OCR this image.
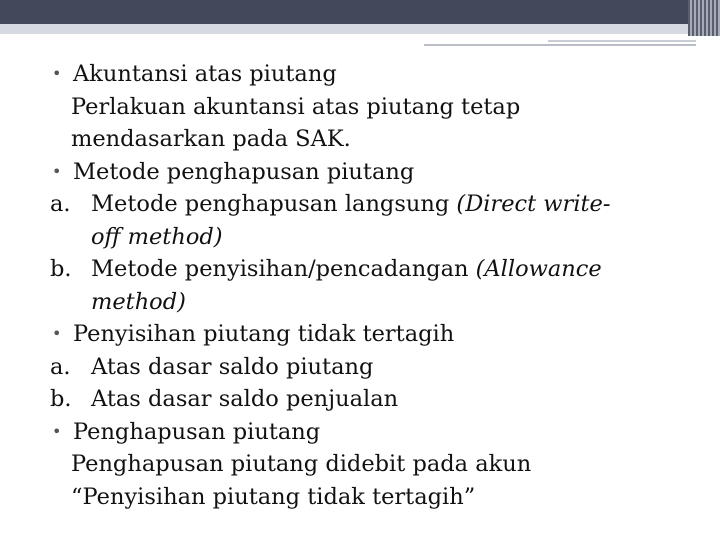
• Akuntansi atas piutang
Perlakuan akuntansi atas piutang tetap
mendasarkan pada SAK.
• Metode penghapusan piutang
a. Metode penghapusan langsung (Direct write-
off method)
b. Metode penyisihan/pencadangan (Allowance
method)
• Penyisihan piutang tidak tertagih
a. Atas dasar saldo piutang
b. Atas dasar saldo penjualan
• Penghapusan piutang
Penghapusan piutang didebit pada akun
“Penyisihan piutang tidak tertagih”
